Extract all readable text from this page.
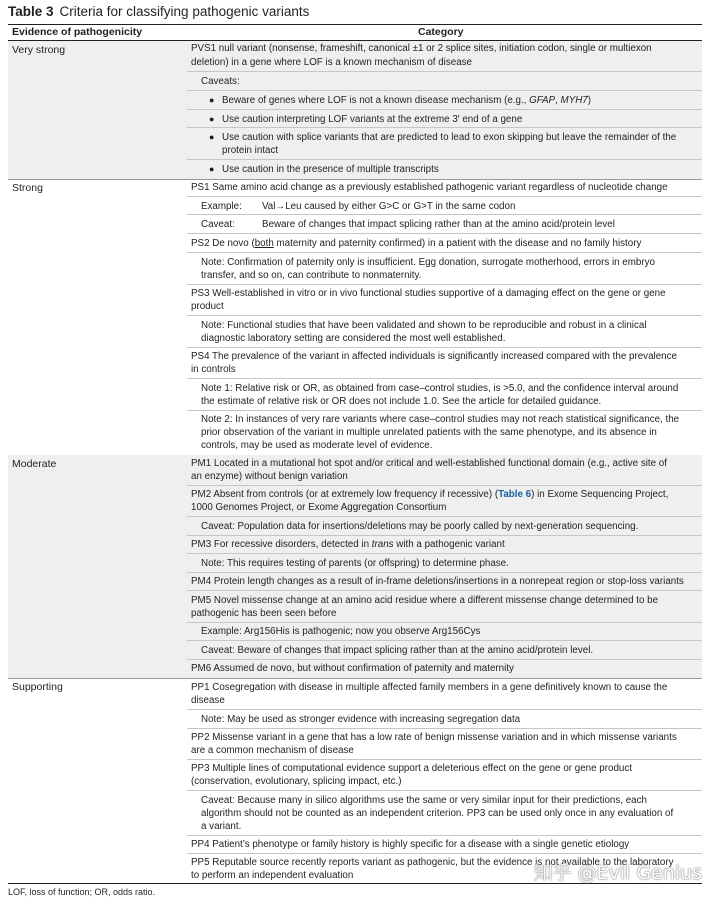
Table 3 Criteria for classifying pathogenic variants
Evidence of pathogenicity	Category
Very strong	PVS1 null variant (nonsense, frameshift, canonical ±1 or 2 splice sites, initiation codon, single or multiexon
deletion) in a gene where LOF is a known mechanism of disease
Caveats:
● Beware of genes where LOF is not a known disease mechanism (e.g., GFAP, MYH7)
● Use caution interpreting LOF variants at the extreme 3′ end of a gene
● Use caution with splice variants that are predicted to lead to exon skipping but leave the remainder of the
protein intact
● Use caution in the presence of multiple transcripts
Strong	PS1 Same amino acid change as a previously established pathogenic variant regardless of nucleotide change
Example: Val→Leu caused by either G>C or G>T in the same codon
Caveat:	Beware of changes that impact splicing rather than at the amino acid/protein level
PS2 De novo (both maternity and paternity confirmed) in a patient with the disease and no family history
Note: Confirmation of paternity only is insufficient. Egg donation, surrogate motherhood, errors in embryo
transfer, and so on, can contribute to nonmaternity.
PS3 Well-established in vitro or in vivo functional studies supportive of a damaging effect on the gene or gene
product
Note: Functional studies that have been validated and shown to be reproducible and robust in a clinical
diagnostic laboratory setting are considered the most well established.
PS4 The prevalence of the variant in affected individuals is significantly increased compared with the prevalence
in controls
Note 1: Relative risk or OR, as obtained from case–control studies, is >5.0, and the confidence interval around
the estimate of relative risk or OR does not include 1.0. See the article for detailed guidance.
Note 2: In instances of very rare variants where case–control studies may not reach statistical significance, the
prior observation of the variant in multiple unrelated patients with the same phenotype, and its absence in
controls, may be used as moderate level of evidence.
Moderate	PM1 Located in a mutational hot spot and/or critical and well-established functional domain (e.g., active site of
an enzyme) without benign variation
PM2 Absent from controls (or at extremely low frequency if recessive) (Table 6) in Exome Sequencing Project,
1000 Genomes Project, or Exome Aggregation Consortium
Caveat: Population data for insertions/deletions may be poorly called by next-generation sequencing.
PM3 For recessive disorders, detected in trans with a pathogenic variant
Note: This requires testing of parents (or offspring) to determine phase.
PM4 Protein length changes as a result of in-frame deletions/insertions in a nonrepeat region or stop-loss variants
PM5 Novel missense change at an amino acid residue where a different missense change determined to be
pathogenic has been seen before
Example: Arg156His is pathogenic; now you observe Arg156Cys
Caveat: Beware of changes that impact splicing rather than at the amino acid/protein level.
PM6 Assumed de novo, but without confirmation of paternity and maternity
Supporting	PP1 Cosegregation with disease in multiple affected family members in a gene definitively known to cause the
disease
Note: May be used as stronger evidence with increasing segregation data
PP2 Missense variant in a gene that has a low rate of benign missense variation and in which missense variants
are a common mechanism of disease
PP3 Multiple lines of computational evidence support a deleterious effect on the gene or gene product
(conservation, evolutionary, splicing impact, etc.)
Caveat: Because many in silico algorithms use the same or very similar input for their predictions, each
algorithm should not be counted as an independent criterion. PP3 can be used only once in any evaluation of
a variant.
PP4 Patient’s phenotype or family history is highly specific for a disease with a single genetic etiology
PP5 Reputable source recently reports variant as pathogenic, but the evidence is not available to the laboratory
to perform an independent evaluation
LOF, loss of function; OR, odds ratio.
知乎 @Evil Genius
